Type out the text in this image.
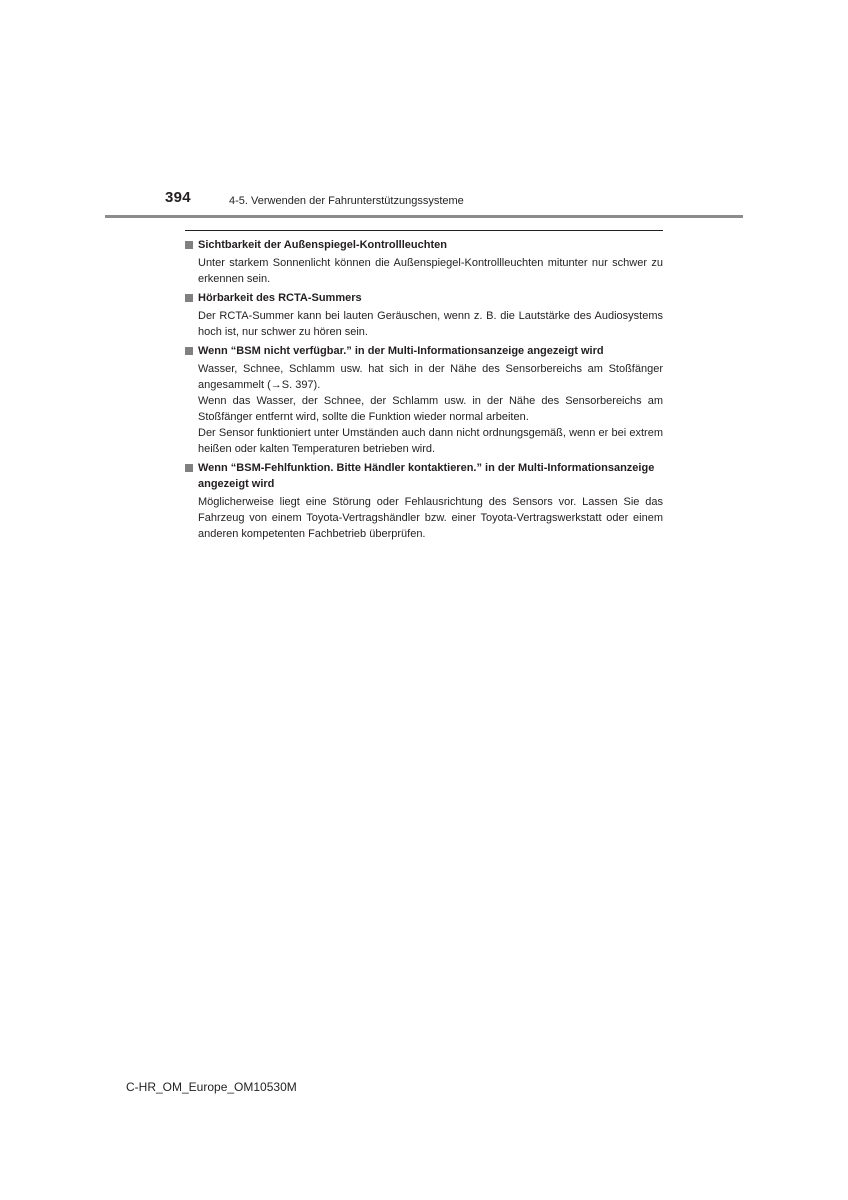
394	4-5. Verwenden der Fahrunterstützungssysteme
Sichtbarkeit der Außenspiegel-Kontrollleuchten
Unter starkem Sonnenlicht können die Außenspiegel-Kontrollleuchten mitunter nur schwer zu erkennen sein.
Hörbarkeit des RCTA-Summers
Der RCTA-Summer kann bei lauten Geräuschen, wenn z. B. die Lautstärke des Audiosystems hoch ist, nur schwer zu hören sein.
Wenn “BSM nicht verfügbar.” in der Multi-Informationsanzeige angezeigt wird
Wasser, Schnee, Schlamm usw. hat sich in der Nähe des Sensorbereichs am Stoßfänger angesammelt (→S. 397).
Wenn das Wasser, der Schnee, der Schlamm usw. in der Nähe des Sensorbereichs am Stoßfänger entfernt wird, sollte die Funktion wieder normal arbeiten.
Der Sensor funktioniert unter Umständen auch dann nicht ordnungsgemäß, wenn er bei extrem heißen oder kalten Temperaturen betrieben wird.
Wenn “BSM-Fehlfunktion. Bitte Händler kontaktieren.” in der Multi-Informationsanzeige angezeigt wird
Möglicherweise liegt eine Störung oder Fehlausrichtung des Sensors vor. Lassen Sie das Fahrzeug von einem Toyota-Vertragshändler bzw. einer Toyota-Vertragswerkstatt oder einem anderen kompetenten Fachbetrieb überprüfen.
C-HR_OM_Europe_OM10530M
